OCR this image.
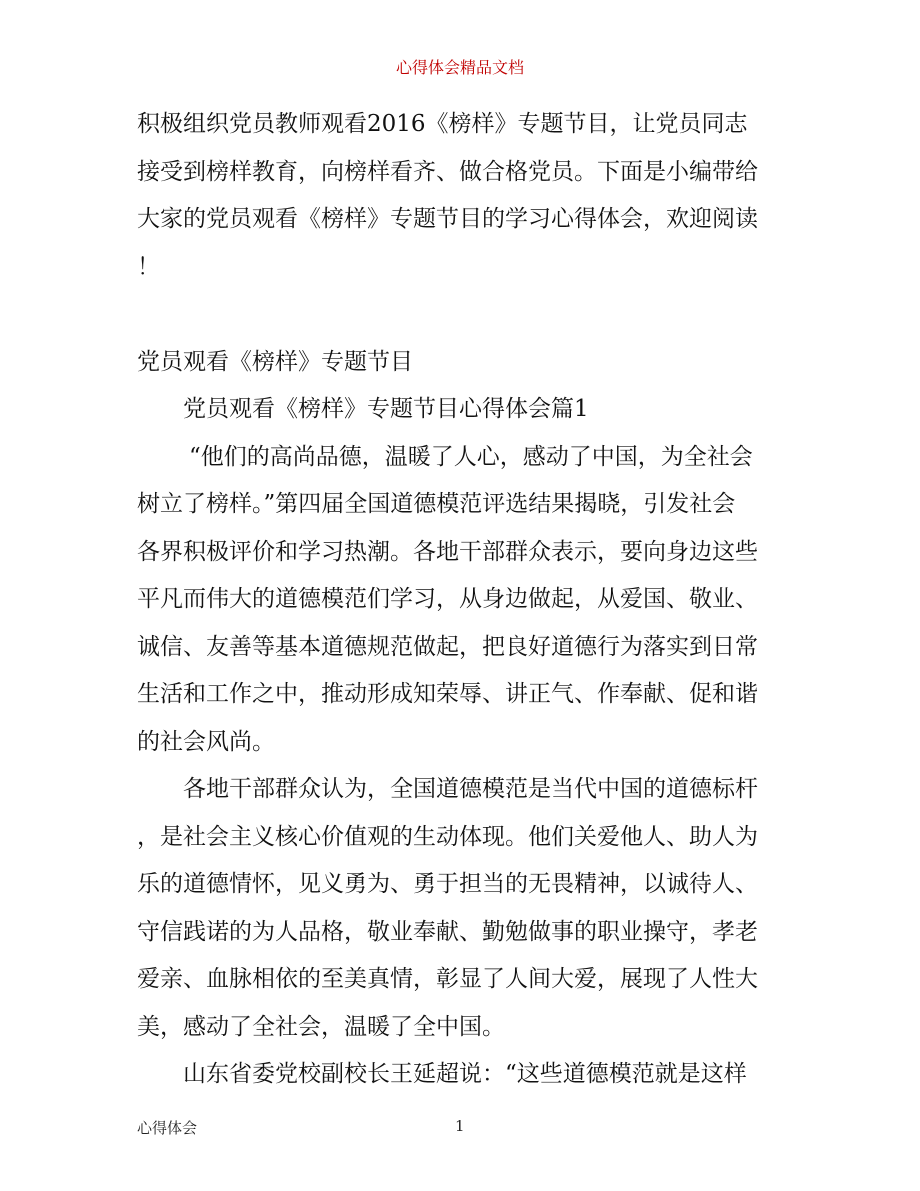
心得体会精品文档

积极组织党员教师观看2016《榜样》专题节目，让党员同志

接受到榜样教育，向榜样看齐、做合格党员。下面是小编带给

大家的党员观看《榜样》专题节目的学习心得体会，欢迎阅读

！

党员观看《榜样》专题节目

党员观看《榜样》专题节目心得体会篇1

“他们的高尚品德，温暖了人心，感动了中国，为全社会

树立了榜样。”第四届全国道德模范评选结果揭晓，引发社会

各界积极评价和学习热潮。各地干部群众表示，要向身边这些

平凡而伟大的道德模范们学习，从身边做起，从爱国、敬业、

诚信、友善等基本道德规范做起，把良好道德行为落实到日常

生活和工作之中，推动形成知荣辱、讲正气、作奉献、促和谐

的社会风尚。

各地干部群众认为，全国道德模范是当代中国的道德标杆

，是社会主义核心价值观的生动体现。他们关爱他人、助人为

乐的道德情怀，见义勇为、勇于担当的无畏精神，以诚待人、

守信践诺的为人品格，敬业奉献、勤勉做事的职业操守，孝老

爱亲、血脉相依的至美真情，彰显了人间大爱，展现了人性大

美，感动了全社会，温暖了全中国。

山东省委党校副校长王延超说：“这些道德模范就是这样

心得体会	1
